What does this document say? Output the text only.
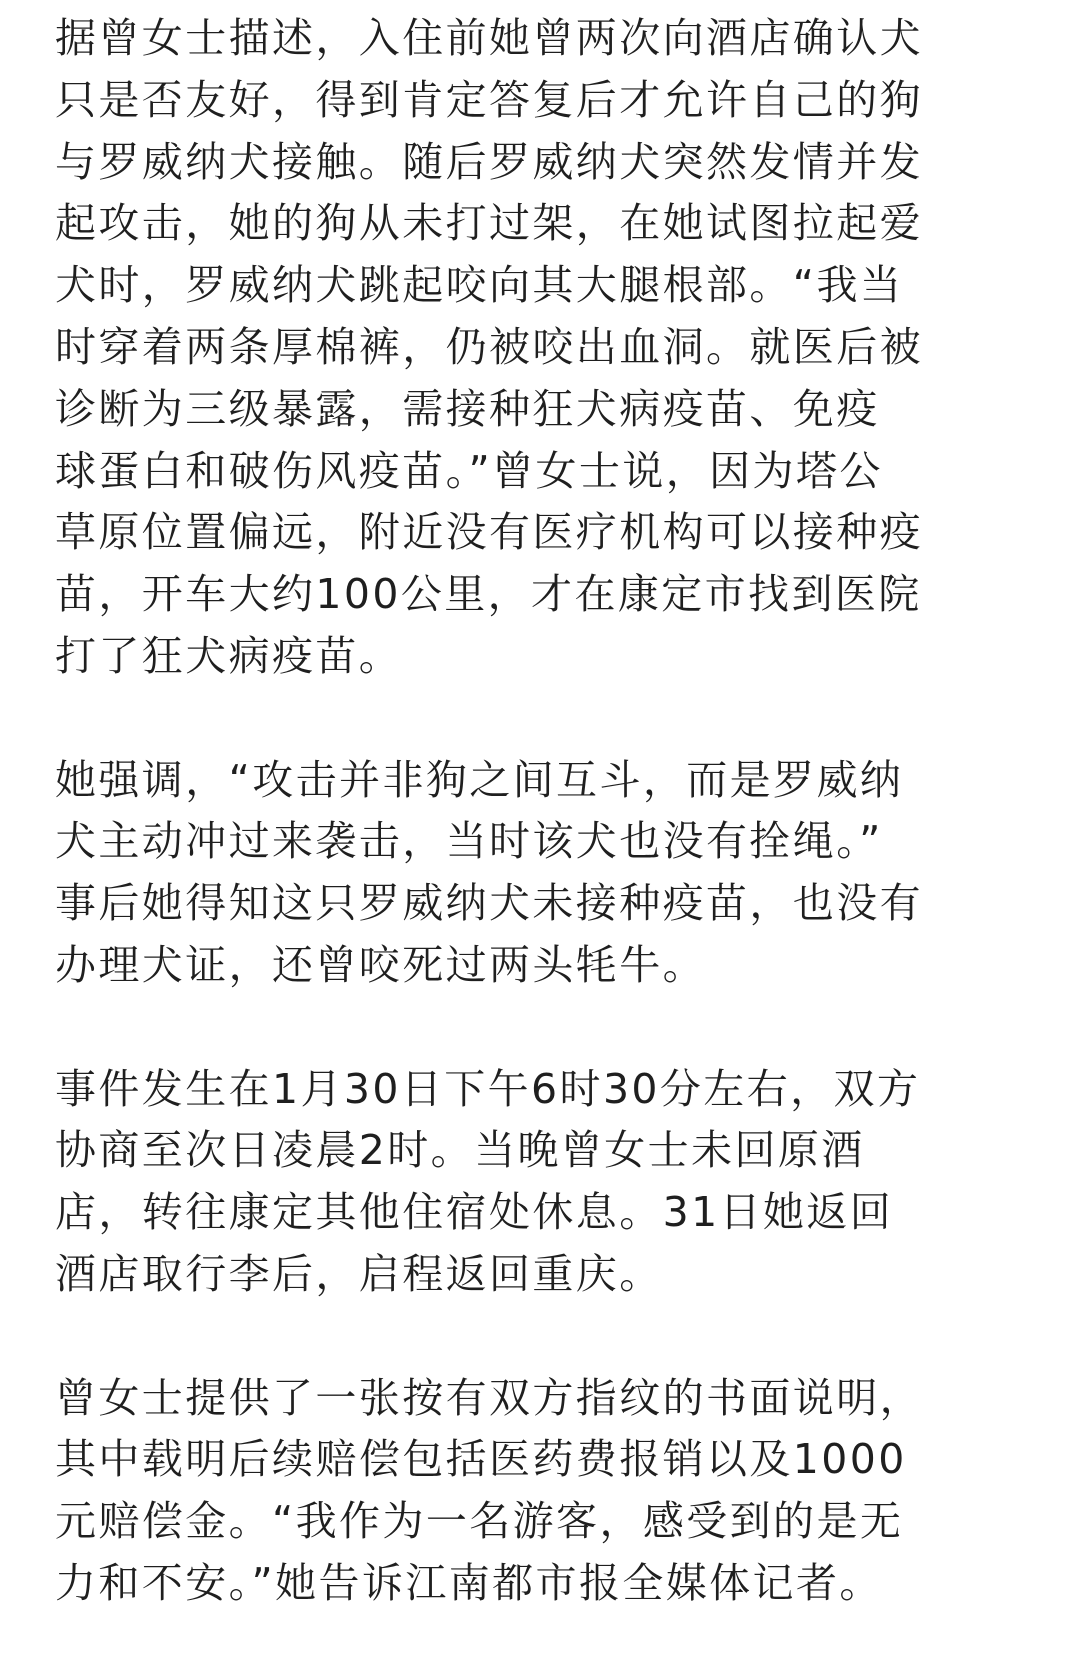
据曾女士描述，入住前她曾两次向酒店确认犬
只是否友好，得到肯定答复后才允许自己的狗
与罗威纳犬接触。随后罗威纳犬突然发情并发
起攻击，她的狗从未打过架，在她试图拉起爱
犬时，罗威纳犬跳起咬向其大腿根部。“我当
时穿着两条厚棉裤，仍被咬出血洞。就医后被
诊断为三级暴露，需接种狂犬病疫苗、免疫
球蛋白和破伤风疫苗。”曾女士说，因为塔公
草原位置偏远，附近没有医疗机构可以接种疫
苗，开车大约100公里，才在康定市找到医院
打了狂犬病疫苗。

她强调，“攻击并非狗之间互斗，而是罗威纳
犬主动冲过来袭击，当时该犬也没有拴绳。”
事后她得知这只罗威纳犬未接种疫苗，也没有
办理犬证，还曾咬死过两头牦牛。

事件发生在1月30日下午6时30分左右，双方
协商至次日凌晨2时。当晚曾女士未回原酒
店，转往康定其他住宿处休息。31日她返回
酒店取行李后，启程返回重庆。

曾女士提供了一张按有双方指纹的书面说明，
其中载明后续赔偿包括医药费报销以及1000
元赔偿金。“我作为一名游客，感受到的是无
力和不安。”她告诉江南都市报全媒体记者。
